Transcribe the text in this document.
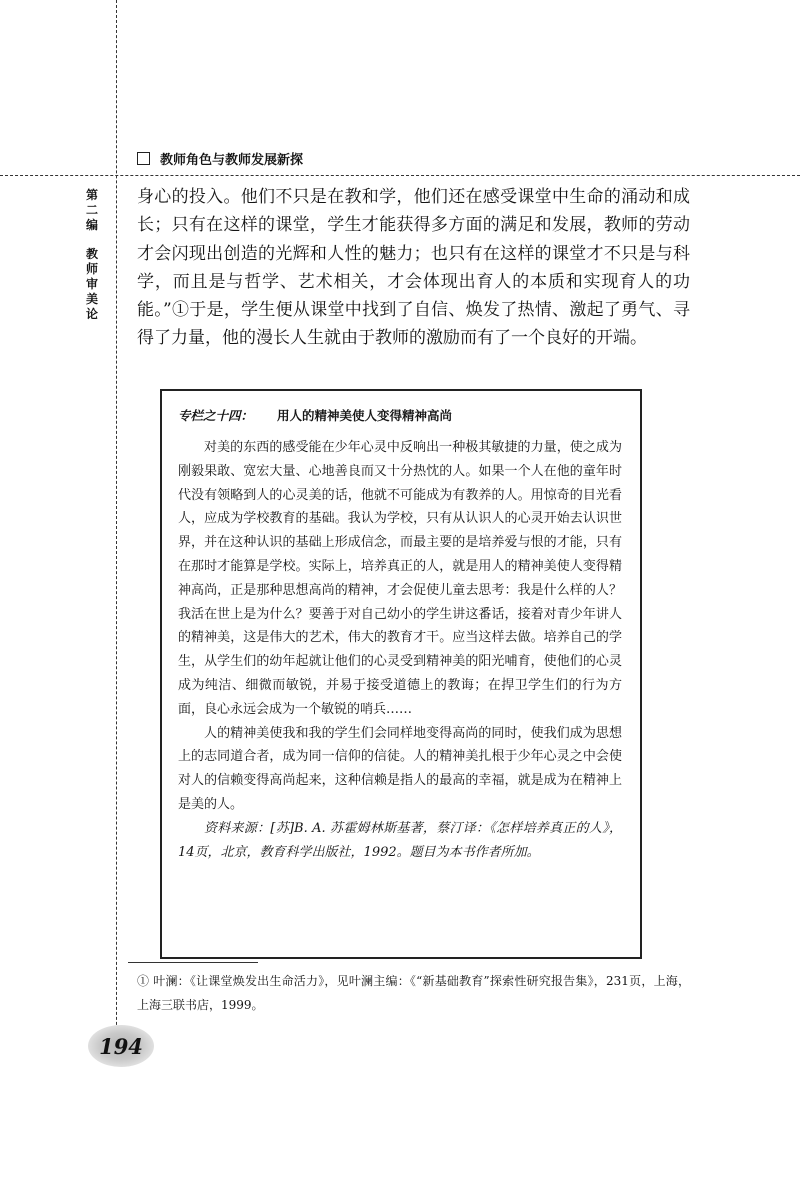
教师角色与教师发展新探
第二编
教师审美论
身心的投入。他们不只是在教和学，他们还在感受课堂中生命的涌动和成长；只有在这样的课堂，学生才能获得多方面的满足和发展，教师的劳动才会闪现出创造的光辉和人性的魅力；也只有在这样的课堂才不只是与科学，而且是与哲学、艺术相关，才会体现出育人的本质和实现育人的功能。”①于是，学生便从课堂中找到了自信、焕发了热情、激起了勇气、寻得了力量，他的漫长人生就由于教师的激励而有了一个良好的开端。
专栏之十四： 用人的精神美使人变得精神高尚

对美的东西的感受能在少年心灵中反响出一种极其敏捷的力量，使之成为刚毅果敢、宽宏大量、心地善良而又十分热忱的人。如果一个人在他的童年时代没有领略到人的心灵美的话，他就不可能成为有教养的人。用惊奇的目光看人，应成为学校教育的基础。我认为学校，只有从认识人的心灵开始去认识世界，并在这种认识的基础上形成信念，而最主要的是培养爱与恨的才能，只有在那时才能算是学校。实际上，培养真正的人，就是用人的精神美使人变得精神高尚，正是那种思想高尚的精神，才会促使儿童去思考：我是什么样的人？我活在世上是为什么？要善于对自己幼小的学生讲这番话，接着对青少年讲人的精神美，这是伟大的艺术，伟大的教育才干。应当这样去做。培养自己的学生，从学生们的幼年起就让他们的心灵受到精神美的阳光哺育，使他们的心灵成为纯洁、细微而敏锐，并易于接受道德上的教诲；在捍卫学生们的行为方面，良心永远会成为一个敏锐的哨兵……

人的精神美使我和我的学生们会同样地变得高尚的同时，使我们成为思想上的志同道合者，成为同一信仰的信徒。人的精神美扎根于少年心灵之中会使对人的信赖变得高尚起来，这种信赖是指人的最高的幸福，就是成为在精神上是美的人。

资料来源：[苏]B. A. 苏霍姆林斯基著，蔡汀译：《怎样培养真正的人》，14页，北京，教育科学出版社，1992。题目为本书作者所加。

① 叶澜：《让课堂焕发出生命活力》，见叶澜主编：《“新基础教育”探索性研究报告集》，231页，上海，上海三联书店，1999。
194
